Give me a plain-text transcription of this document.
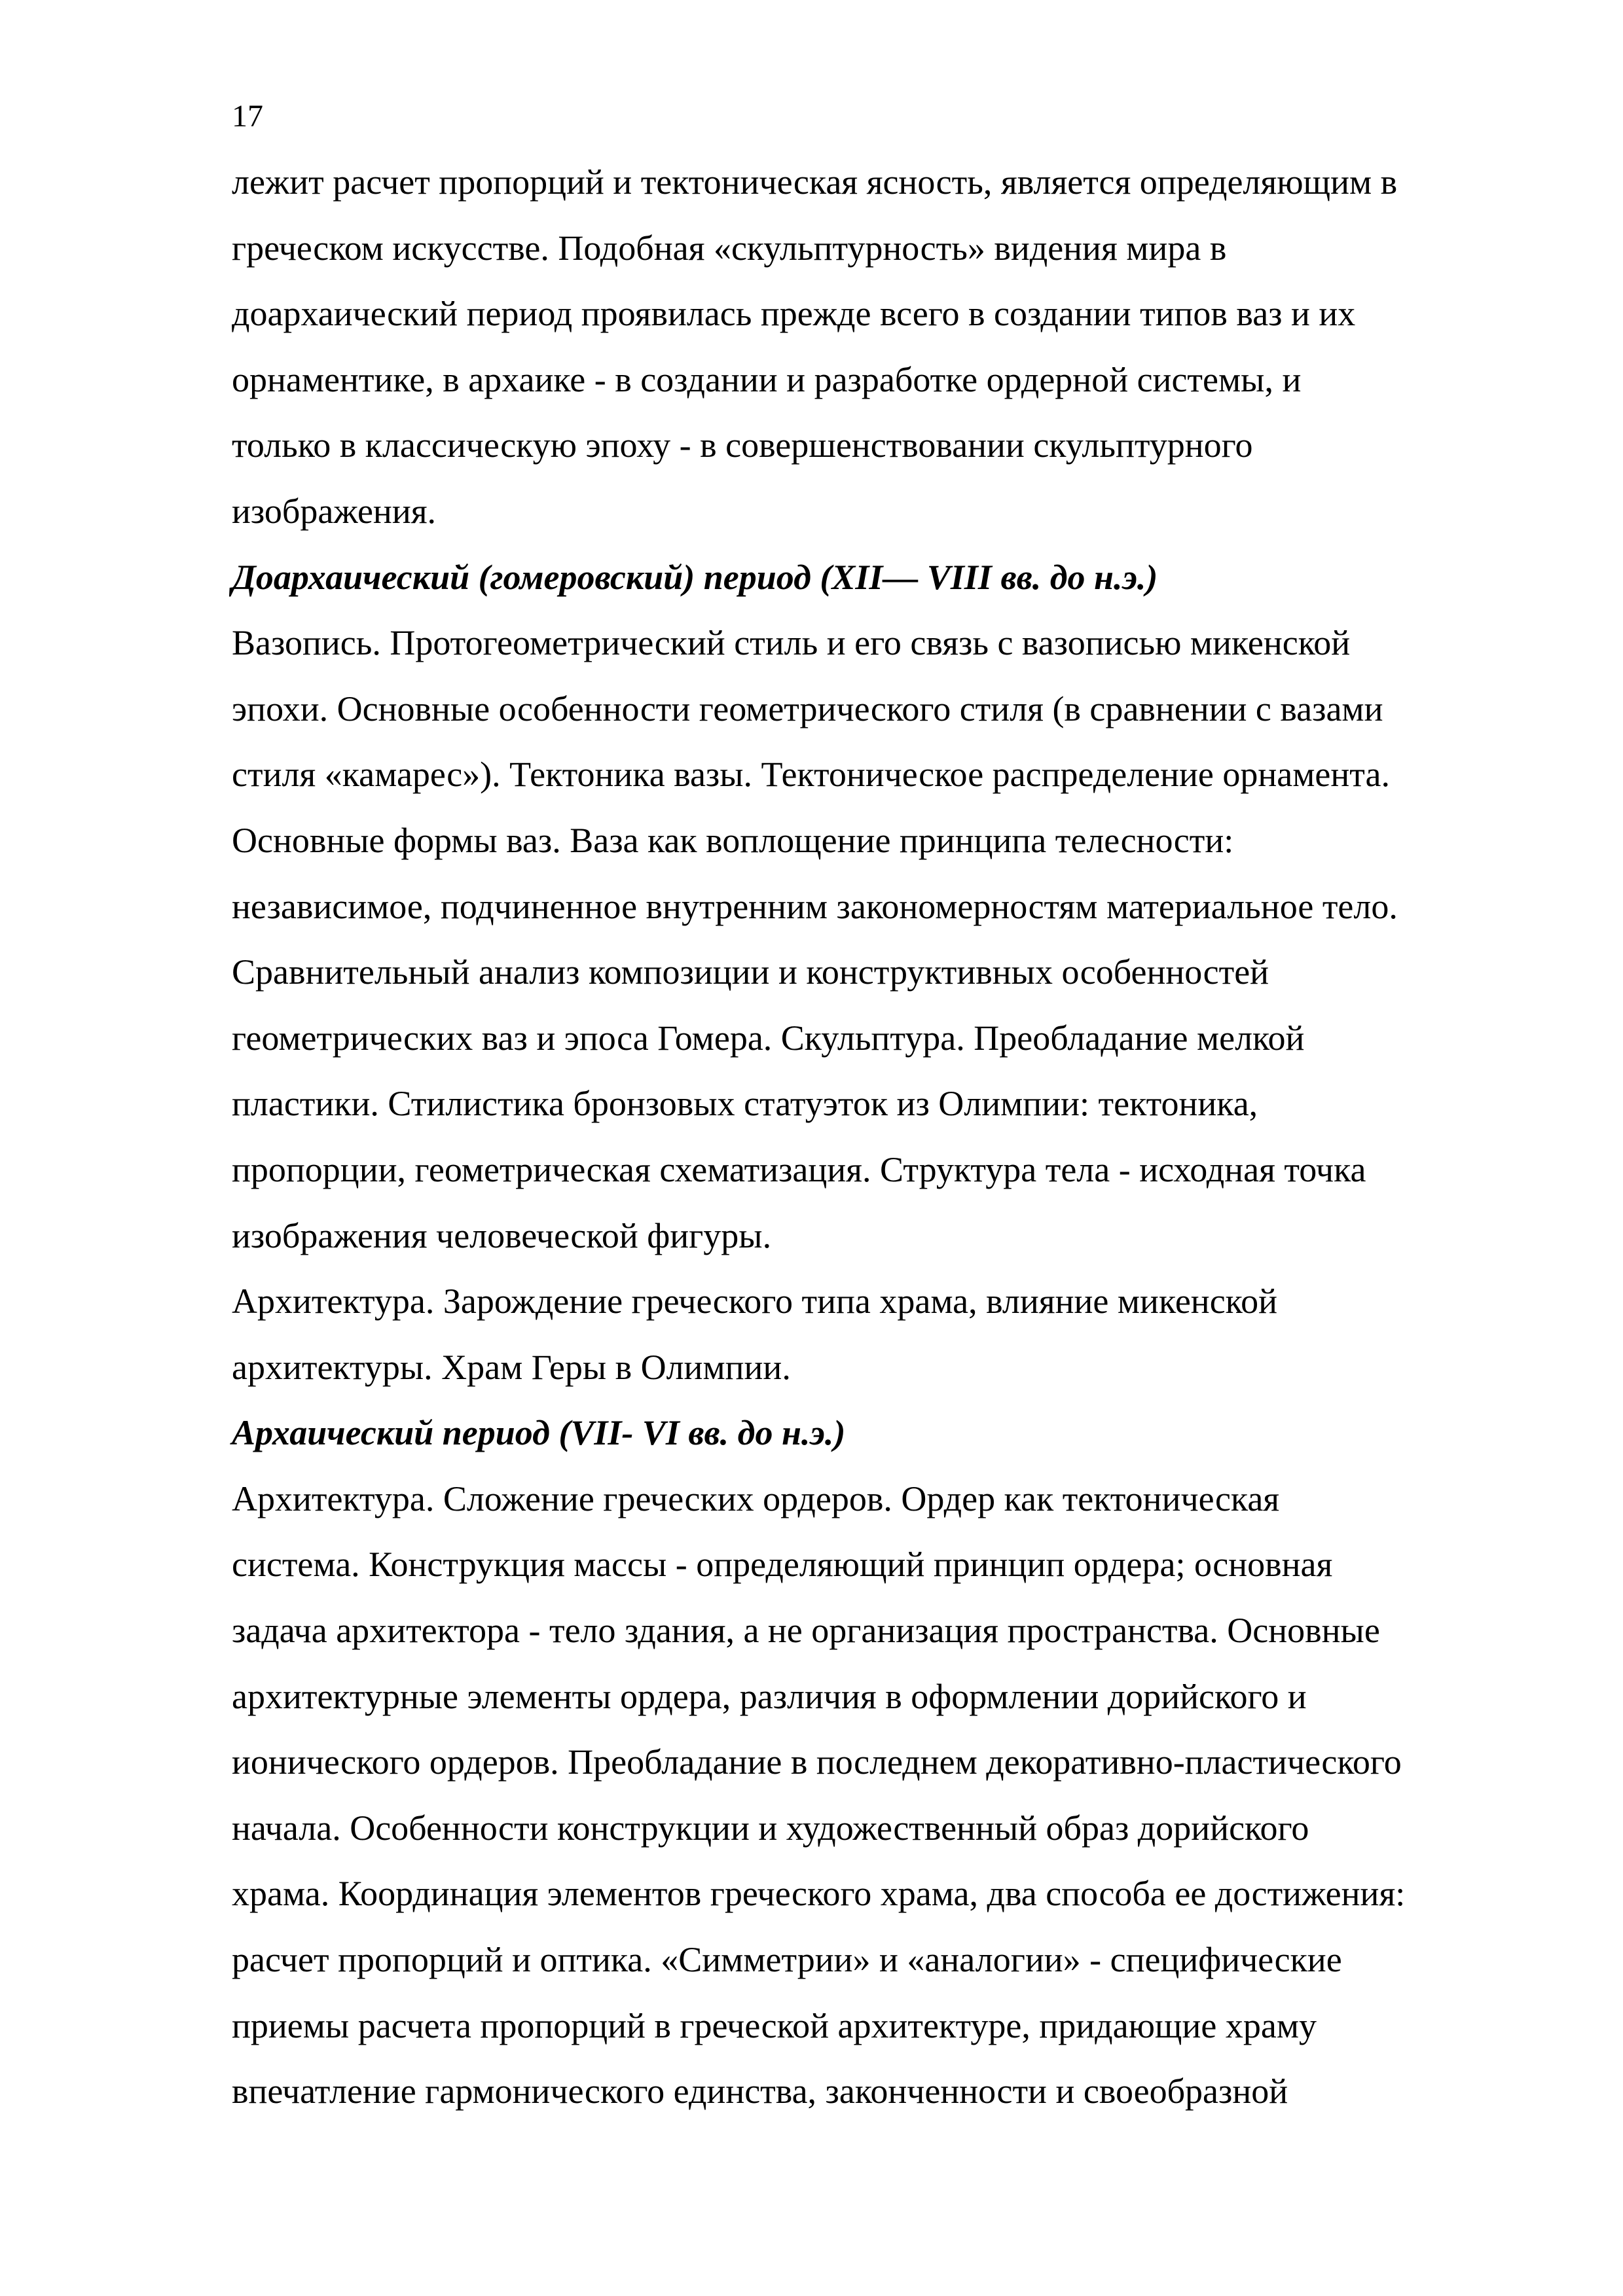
17
лежит расчет пропорций и тектоническая ясность, является определяющим в
греческом искусстве. Подобная «скульптурность» видения мира в
доархаический период проявилась прежде всего в создании типов ваз и их
орнаментике, в архаике - в создании и разработке ордерной системы, и
только в классическую эпоху - в совершенствовании скульптурного
изображения.
Доархаический (гомеровский) период (XII— VIII вв. до н.э.)
Вазопись. Протогеометрический стиль и его связь с вазописью микенской
эпохи. Основные особенности геометрического стиля (в сравнении с вазами
стиля «камарес»). Тектоника вазы. Тектоническое распределение орнамента.
Основные формы ваз. Ваза как воплощение принципа телесности:
независимое, подчиненное внутренним закономерностям материальное тело.
Сравнительный анализ композиции и конструктивных особенностей
геометрических ваз и эпоса Гомера. Скульптура. Преобладание мелкой
пластики. Стилистика бронзовых статуэток из Олимпии: тектоника,
пропорции, геометрическая схематизация. Структура тела - исходная точка
изображения человеческой фигуры.
Архитектура. Зарождение греческого типа храма, влияние микенской
архитектуры. Храм Геры в Олимпии.
Архаический период (VII- VI вв. до н.э.)
Архитектура. Сложение греческих ордеров. Ордер как тектоническая
система. Конструкция массы - определяющий принцип ордера; основная
задача архитектора - тело здания, а не организация пространства. Основные
архитектурные элементы ордера, различия в оформлении дорийского и
ионического ордеров. Преобладание в последнем декоративно-пластического
начала. Особенности конструкции и художественный образ дорийского
храма. Координация элементов греческого храма, два способа ее достижения:
расчет пропорций и оптика. «Симметрии» и «аналогии» - специфические
приемы расчета пропорций в греческой архитектуре, придающие храму
впечатление гармонического единства, законченности и своеобразной
